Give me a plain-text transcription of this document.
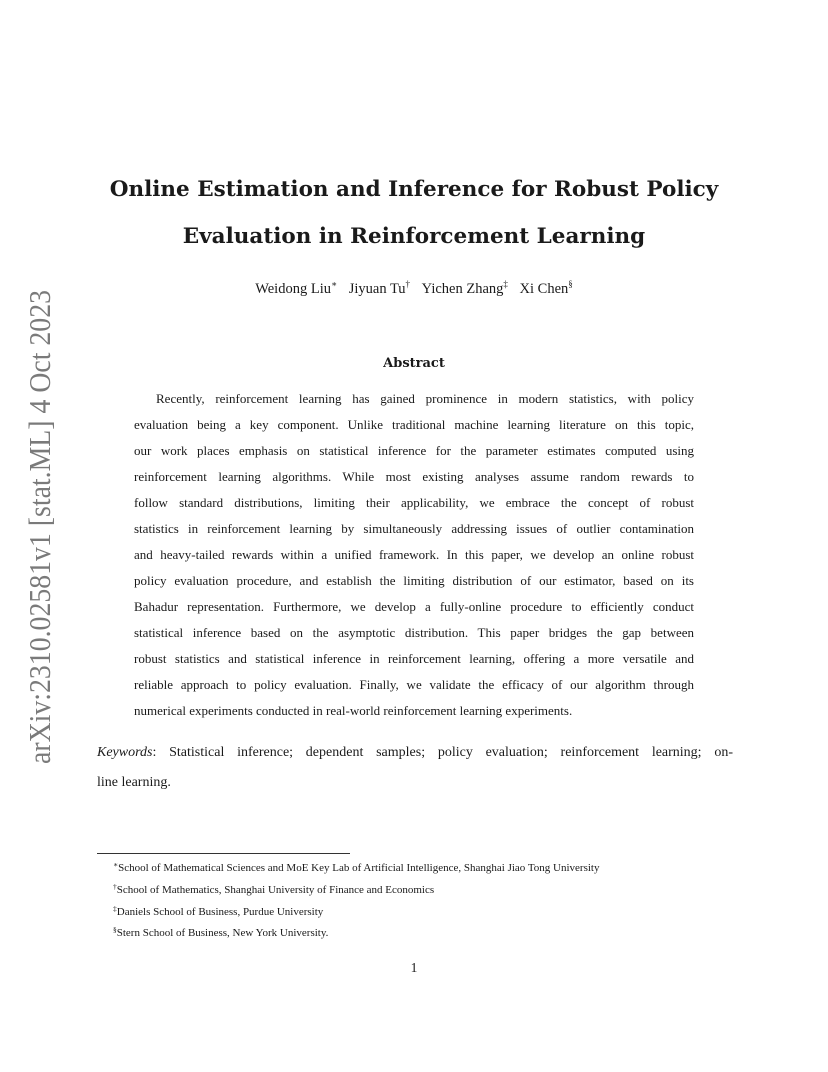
arXiv:2310.02581v1 [stat.ML] 4 Oct 2023
Online Estimation and Inference for Robust Policy
Evaluation in Reinforcement Learning
Weidong Liu∗ Jiyuan Tu† Yichen Zhang‡ Xi Chen§
Abstract

Recently, reinforcement learning has gained prominence in modern statistics, with policy
evaluation being a key component. Unlike traditional machine learning literature on this topic,
our work places emphasis on statistical inference for the parameter estimates computed using
reinforcement learning algorithms. While most existing analyses assume random rewards to
follow standard distributions, limiting their applicability, we embrace the concept of robust
statistics in reinforcement learning by simultaneously addressing issues of outlier contamination
and heavy-tailed rewards within a unified framework. In this paper, we develop an online robust
policy evaluation procedure, and establish the limiting distribution of our estimator, based on its
Bahadur representation. Furthermore, we develop a fully-online procedure to efficiently conduct
statistical inference based on the asymptotic distribution. This paper bridges the gap between
robust statistics and statistical inference in reinforcement learning, offering a more versatile and
reliable approach to policy evaluation. Finally, we validate the efficacy of our algorithm through
numerical experiments conducted in real-world reinforcement learning experiments.

Keywords: Statistical inference; dependent samples; policy evaluation; reinforcement learning; on-
line learning.
∗School of Mathematical Sciences and MoE Key Lab of Artificial Intelligence, Shanghai Jiao Tong University
†School of Mathematics, Shanghai University of Finance and Economics
‡Daniels School of Business, Purdue University
§Stern School of Business, New York University.
1
